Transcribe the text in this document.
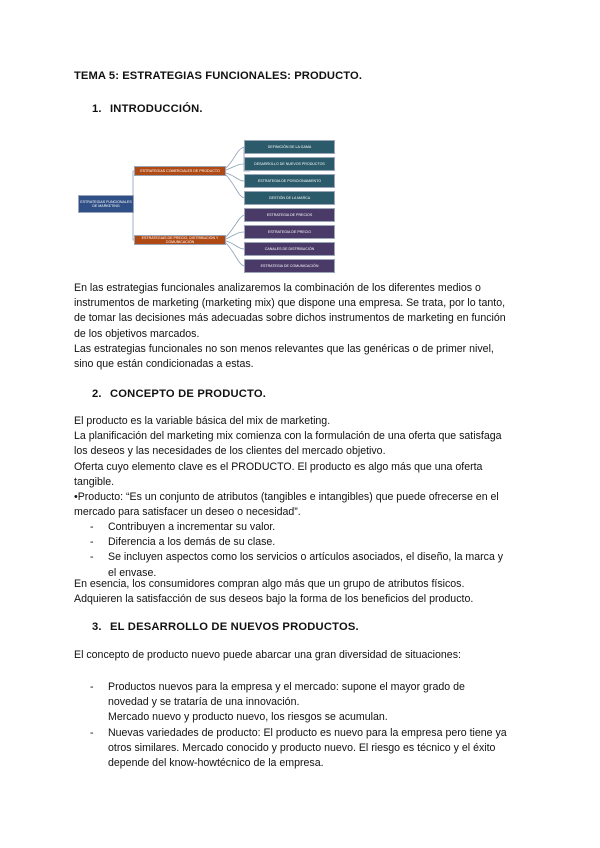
TEMA 5: ESTRATEGIAS FUNCIONALES: PRODUCTO.
1. INTRODUCCIÓN.
ESTRATEGIAS FUNCIONALES DE MARKETING
ESTRATEGIAS COMERCIALES DE PRODUCTO
ESTRATEGIAS DE PRECIO, DISTRIBUCIÓN Y COMUNICACIÓN
DEFINICIÓN DE LA GAMA
DESARROLLO DE NUEVOS PRODUCTOS
ESTRATEGIA DE POSICIONAMIENTO
GESTIÓN DE LA MARCA
ESTRATEGIA DE PRECIOS
ESTRATEGIA DE PRECIO
CANALES DE DISTRIBUCIÓN
ESTRATEGIA DE COMUNICACIÓN
En las estrategias funcionales analizaremos la combinación de los diferentes medios o
instrumentos de marketing (marketing mix) que dispone una empresa. Se trata, por lo tanto,
de tomar las decisiones más adecuadas sobre dichos instrumentos de marketing en función
de los objetivos marcados.
Las estrategias funcionales no son menos relevantes que las genéricas o de primer nivel,
sino que están condicionadas a estas.
2. CONCEPTO DE PRODUCTO.
El producto es la variable básica del mix de marketing.
La planificación del marketing mix comienza con la formulación de una oferta que satisfaga
los deseos y las necesidades de los clientes del mercado objetivo.
Oferta cuyo elemento clave es el PRODUCTO. El producto es algo más que una oferta
tangible.
•Producto: “Es un conjunto de atributos (tangibles e intangibles) que puede ofrecerse en el
mercado para satisfacer un deseo o necesidad”.
- Contribuyen a incrementar su valor.
- Diferencia a los demás de su clase.
- Se incluyen aspectos como los servicios o artículos asociados, el diseño, la marca y
el envase.
En esencia, los consumidores compran algo más que un grupo de atributos físicos.
Adquieren la satisfacción de sus deseos bajo la forma de los beneficios del producto.
3. EL DESARROLLO DE NUEVOS PRODUCTOS.
El concepto de producto nuevo puede abarcar una gran diversidad de situaciones:
- Productos nuevos para la empresa y el mercado: supone el mayor grado de
novedad y se trataría de una innovación.
Mercado nuevo y producto nuevo, los riesgos se acumulan.
- Nuevas variedades de producto: El producto es nuevo para la empresa pero tiene ya
otros similares. Mercado conocido y producto nuevo. El riesgo es técnico y el éxito
depende del know-howtécnico de la empresa.
